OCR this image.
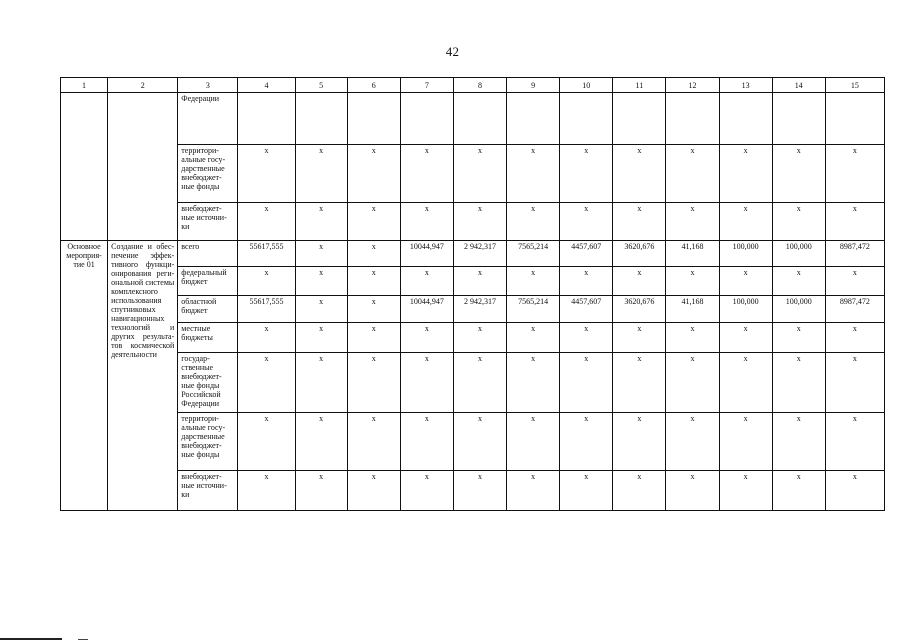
42
1	2	3	4	5	6	7	8	9	10	11	12	13	14	15
		Федерации												
		территори-альные госу-дарственные внебюджет-ные фонды	х	х	х	х	х	х	х	х	х	х	х	х
		внебюджет-ные источни-ки	х	х	х	х	х	х	х	х	х	х	х	х
Основное мероприя-тие 01	Создание и обес-печение эффек-тивного функци-онирования реги-ональной системы комплексного использования спутниковых навигационных технологий и других результа-тов космической деятельности	всего	55617,555	х	х	10044,947	2 942,317	7565,214	4457,607	3620,676	41,168	100,000	100,000	8987,472
		федеральный бюджет	х	х	х	х	х	х	х	х	х	х	х	х
		областной бюджет	55617,555	х	х	10044,947	2 942,317	7565,214	4457,607	3620,676	41,168	100,000	100,000	8987,472
		местные бюджеты	х	х	х	х	х	х	х	х	х	х	х	х
		государ-ственные внебюджет-ные фонды Российской Федерации	х	х	х	х	х	х	х	х	х	х	х	х
		территори-альные госу-дарственные внебюджет-ные фонды	х	х	х	х	х	х	х	х	х	х	х	х
		внебюджет-ные источни-ки	х	х	х	х	х	х	х	х	х	х	х	х
